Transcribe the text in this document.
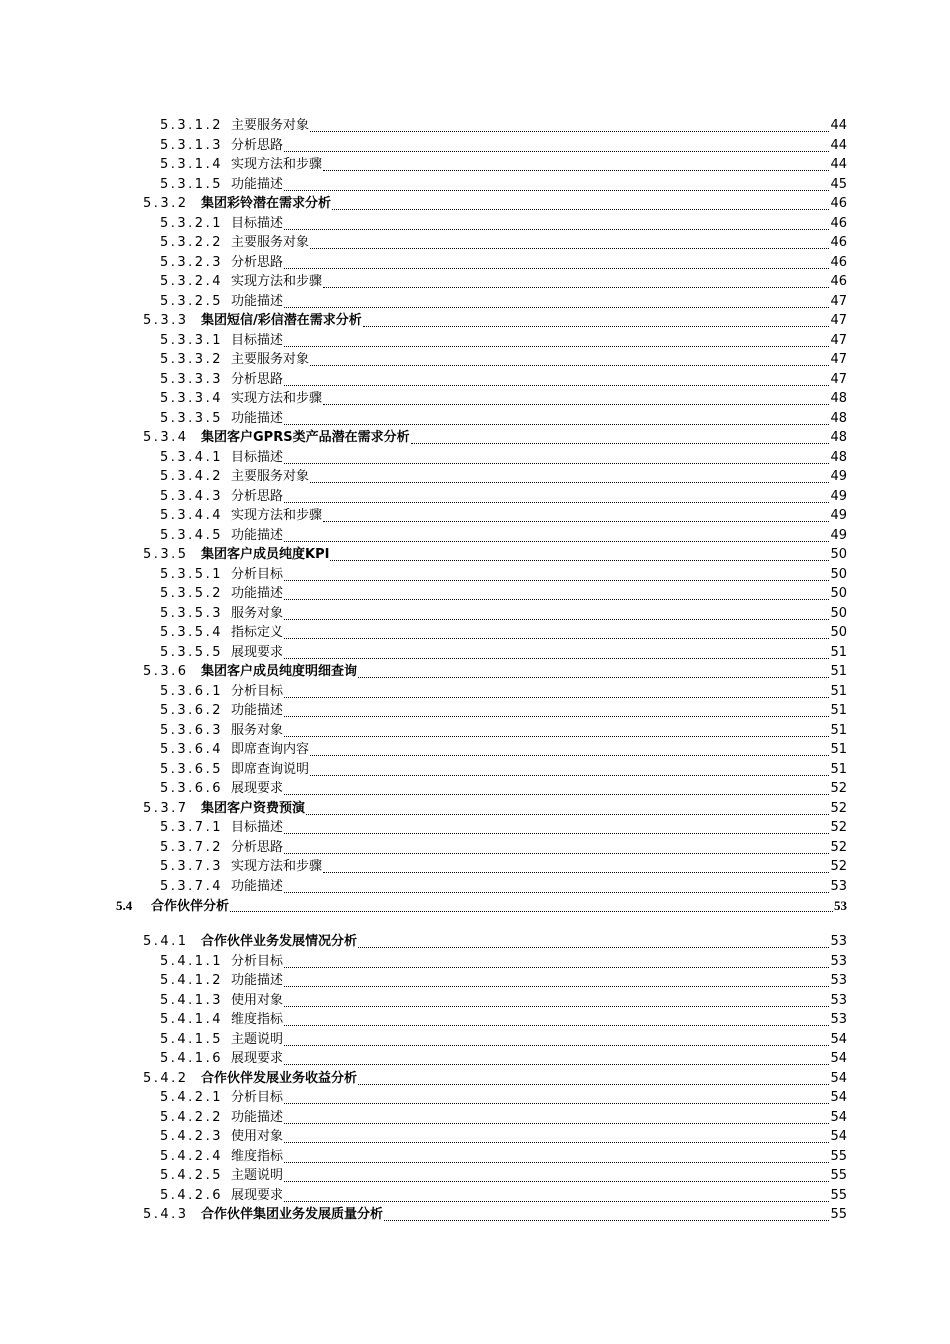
5.3.1.2 主要服务对象	44
5.3.1.3 分析思路	44
5.3.1.4 实现方法和步骤	44
5.3.1.5 功能描述	45
5.3.2 集团彩铃潜在需求分析	46
5.3.2.1 目标描述	46
5.3.2.2 主要服务对象	46
5.3.2.3 分析思路	46
5.3.2.4 实现方法和步骤	46
5.3.2.5 功能描述	47
5.3.3 集团短信/彩信潜在需求分析	47
5.3.3.1 目标描述	47
5.3.3.2 主要服务对象	47
5.3.3.3 分析思路	47
5.3.3.4 实现方法和步骤	48
5.3.3.5 功能描述	48
5.3.4 集团客户GPRS类产品潜在需求分析	48
5.3.4.1 目标描述	48
5.3.4.2 主要服务对象	49
5.3.4.3 分析思路	49
5.3.4.4 实现方法和步骤	49
5.3.4.5 功能描述	49
5.3.5 集团客户成员纯度KPI	50
5.3.5.1 分析目标	50
5.3.5.2 功能描述	50
5.3.5.3 服务对象	50
5.3.5.4 指标定义	50
5.3.5.5 展现要求	51
5.3.6 集团客户成员纯度明细查询	51
5.3.6.1 分析目标	51
5.3.6.2 功能描述	51
5.3.6.3 服务对象	51
5.3.6.4 即席查询内容	51
5.3.6.5 即席查询说明	51
5.3.6.6 展现要求	52
5.3.7 集团客户资费预演	52
5.3.7.1 目标描述	52
5.3.7.2 分析思路	52
5.3.7.3 实现方法和步骤	52
5.3.7.4 功能描述	53
5.4 合作伙伴分析	53
5.4.1 合作伙伴业务发展情况分析	53
5.4.1.1 分析目标	53
5.4.1.2 功能描述	53
5.4.1.3 使用对象	53
5.4.1.4 维度指标	53
5.4.1.5 主题说明	54
5.4.1.6 展现要求	54
5.4.2 合作伙伴发展业务收益分析	54
5.4.2.1 分析目标	54
5.4.2.2 功能描述	54
5.4.2.3 使用对象	54
5.4.2.4 维度指标	55
5.4.2.5 主题说明	55
5.4.2.6 展现要求	55
5.4.3 合作伙伴集团业务发展质量分析	55
